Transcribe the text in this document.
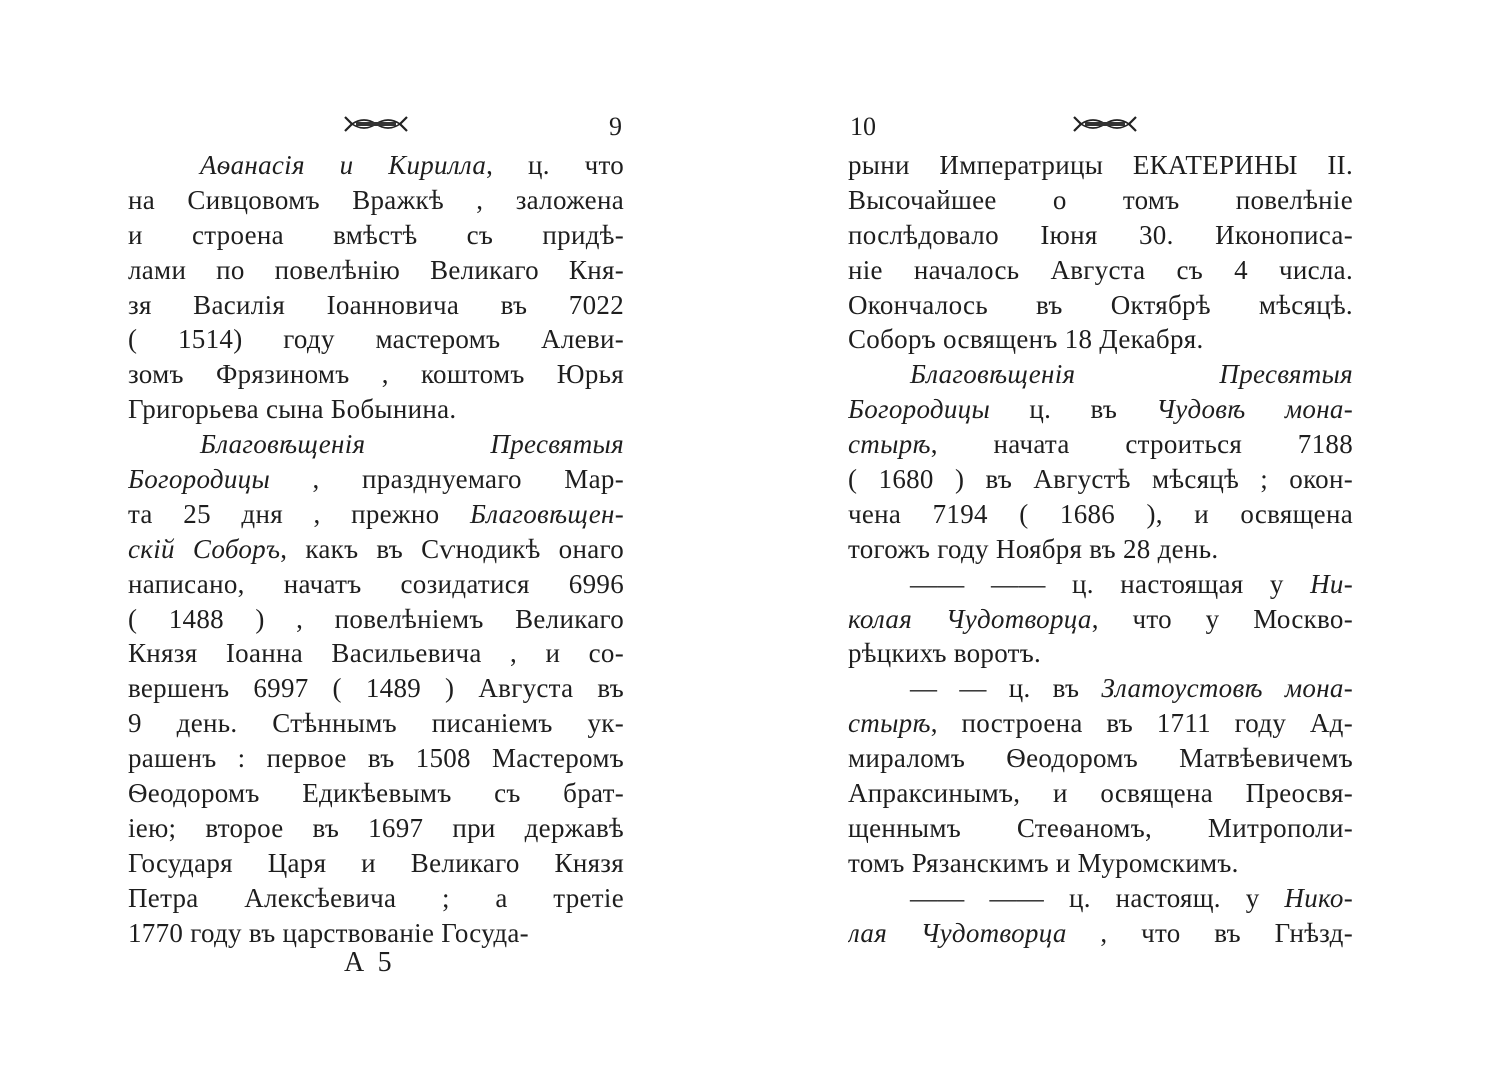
9
Аѳанасія и Кирилла, ц. что
на Сивцовомъ Вражкѣ , заложена
и строена вмѣстѣ съ придѣ-
лами по повелѣнію Великаго Кня-
зя Василія Іоанновича въ 7022
( 1514) году мастеромъ Алеви-
зомъ Фрязиномъ , коштомъ Юрья
Григорьева сына Бобынина.
Благовѣщенія Пресвятыя
Богородицы , празднуемаго Мар-
та 25 дня , прежно Благовѣщен-
скій Соборъ, какъ въ Сѵнодикѣ онаго
написано, начатъ созидатися 6996
( 1488 ) , повелѣніемъ Великаго
Князя Іоанна Васильевича , и со-
вершенъ 6997 ( 1489 ) Августа въ
9 день. Стѣннымъ писаніемъ ук-
рашенъ : первое въ 1508 Мастеромъ
Ѳеодоромъ Едикѣевымъ съ брат-
іею; второе въ 1697 при державѣ
Государя Царя и Великаго Князя
Петра Алексѣевича ; а третіе
1770 году въ царствованіе Госуда-
A 5
10
рыни Императрицы ЕКАТЕРИНЫ II.
Высочайшее о томъ повелѣніе
послѣдовало Іюня 30. Иконописа-
ніе началось Августа съ 4 числа.
Окончалось въ Октябрѣ мѣсяцѣ.
Соборъ освященъ 18 Декабря.
Благовѣщенія Пресвятыя
Богородицы ц. въ Чудовѣ мона-
стырѣ, начата строиться 7188
( 1680 ) въ Августѣ мѣсяцѣ ; окон-
чена 7194 ( 1686 ), и освящена
тогожъ году Ноября въ 28 день.
—— —— ц. настоящая у Ни-
колая Чудотворца, что у Москво-
рѣцкихъ воротъ.
— — ц. въ Златоустовѣ мона-
стырѣ, построена въ 1711 году Ад-
мираломъ Ѳеодоромъ Матвѣевичемъ
Апраксинымъ, и освящена Преосвя-
щеннымъ Стеѳаномъ, Митрополи-
томъ Рязанскимъ и Муромскимъ.
—— —— ц. настоящ. у Нико-
лая Чудотворца , что въ Гнѣзд-
